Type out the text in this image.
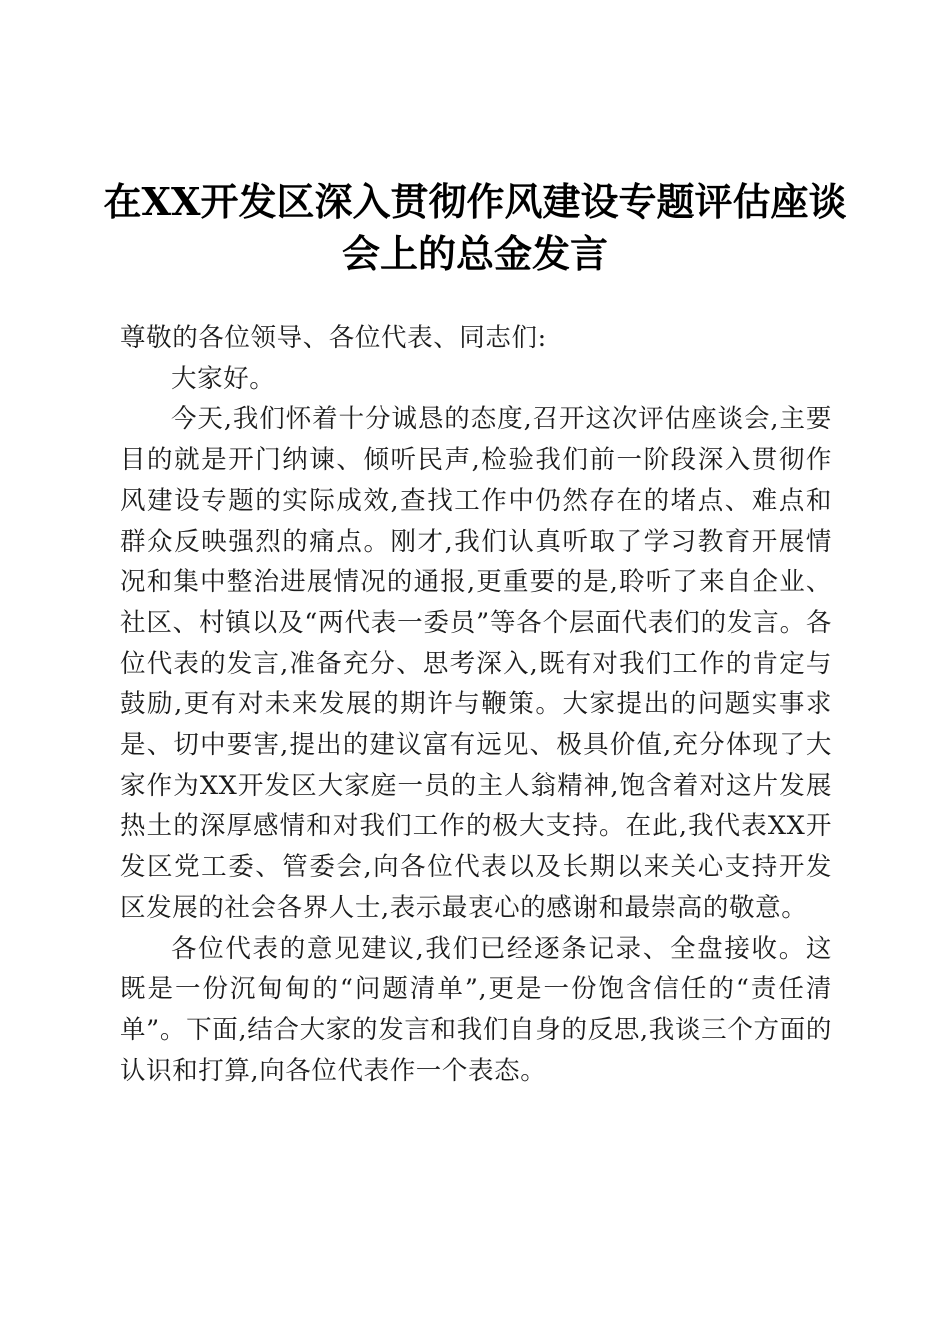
在XX开发区深入贯彻作风建设专题评估座谈会上的总金发言

尊敬的各位领导、各位代表、同志们:

大家好。

今天,我们怀着十分诚恳的态度,召开这次评估座谈会,主要目的就是开门纳谏、倾听民声,检验我们前一阶段深入贯彻作风建设专题的实际成效,查找工作中仍然存在的堵点、难点和群众反映强烈的痛点。刚才,我们认真听取了学习教育开展情况和集中整治进展情况的通报,更重要的是,聆听了来自企业、社区、村镇以及“两代表一委员”等各个层面代表们的发言。各位代表的发言,准备充分、思考深入,既有对我们工作的肯定与鼓励,更有对未来发展的期许与鞭策。大家提出的问题实事求是、切中要害,提出的建议富有远见、极具价值,充分体现了大家作为XX开发区大家庭一员的主人翁精神,饱含着对这片发展热土的深厚感情和对我们工作的极大支持。在此,我代表XX开发区党工委、管委会,向各位代表以及长期以来关心支持开发区发展的社会各界人士,表示最衷心的感谢和最崇高的敬意。

各位代表的意见建议,我们已经逐条记录、全盘接收。这既是一份沉甸甸的“问题清单”,更是一份饱含信任的“责任清单”。下面,结合大家的发言和我们自身的反思,我谈三个方面的认识和打算,向各位代表作一个表态。
